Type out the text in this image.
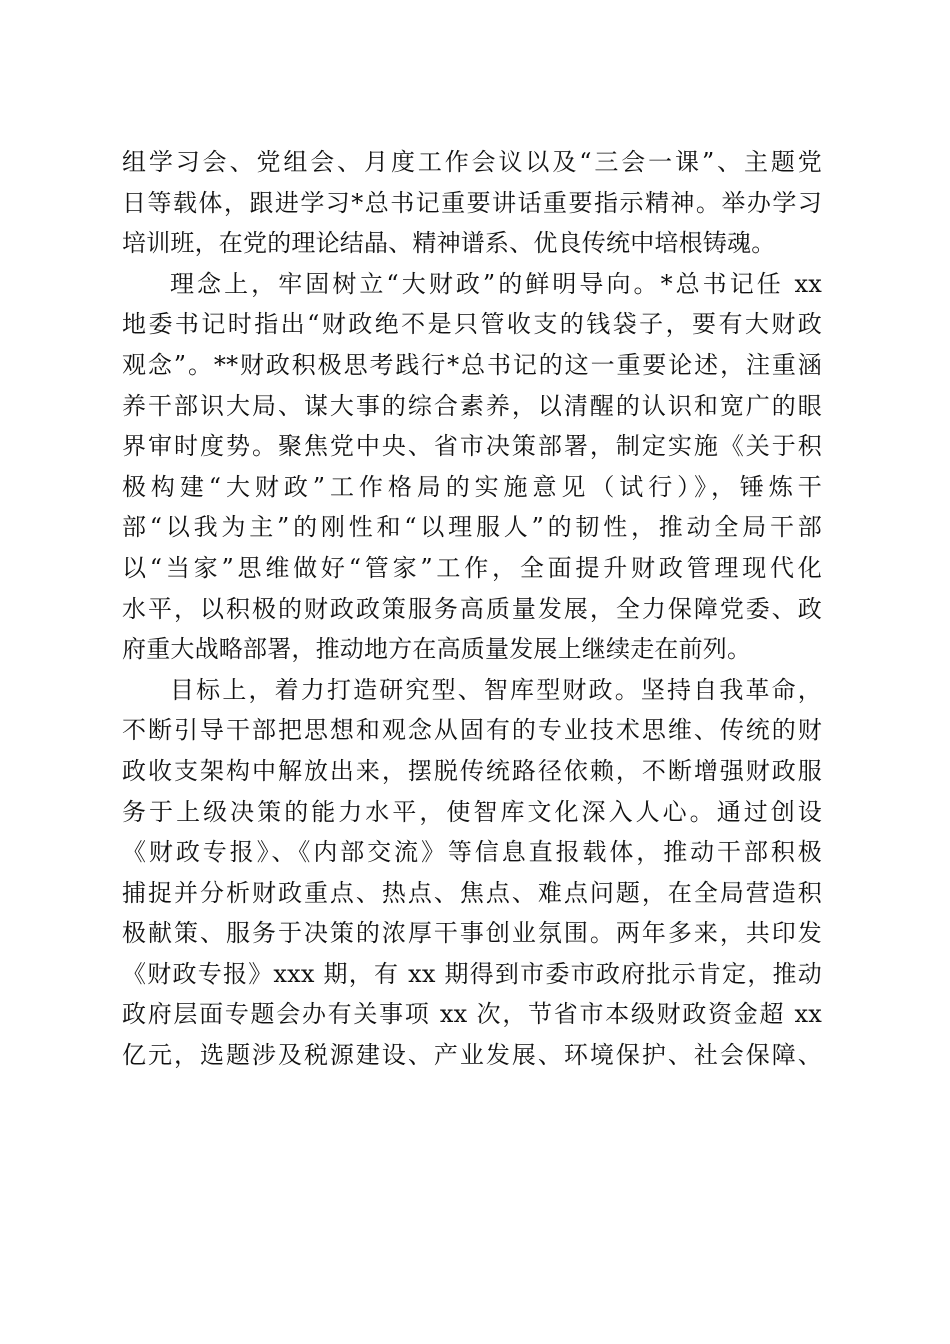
组学习会、党组会、月度工作会议以及“三会一课”、主题党
日等载体，跟进学习*总书记重要讲话重要指示精神。举办学习
培训班，在党的理论结晶、精神谱系、优良传统中培根铸魂。
理念上，牢固树立“大财政”的鲜明导向。*总书记任 xx
地委书记时指出“财政绝不是只管收支的钱袋子，要有大财政
观念”。**财政积极思考践行*总书记的这一重要论述，注重涵
养干部识大局、谋大事的综合素养，以清醒的认识和宽广的眼
界审时度势。聚焦党中央、省市决策部署，制定实施《关于积
极构建“大财政”工作格局的实施意见（试行）》，锤炼干
部“以我为主”的刚性和“以理服人”的韧性，推动全局干部
以“当家”思维做好“管家”工作，全面提升财政管理现代化
水平，以积极的财政政策服务高质量发展，全力保障党委、政
府重大战略部署，推动地方在高质量发展上继续走在前列。
目标上，着力打造研究型、智库型财政。坚持自我革命，
不断引导干部把思想和观念从固有的专业技术思维、传统的财
政收支架构中解放出来，摆脱传统路径依赖，不断增强财政服
务于上级决策的能力水平，使智库文化深入人心。通过创设
《财政专报》、《内部交流》等信息直报载体，推动干部积极
捕捉并分析财政重点、热点、焦点、难点问题，在全局营造积
极献策、服务于决策的浓厚干事创业氛围。两年多来，共印发
《财政专报》xxx 期，有 xx 期得到市委市政府批示肯定，推动
政府层面专题会办有关事项 xx 次，节省市本级财政资金超 xx
亿元，选题涉及税源建设、产业发展、环境保护、社会保障、
